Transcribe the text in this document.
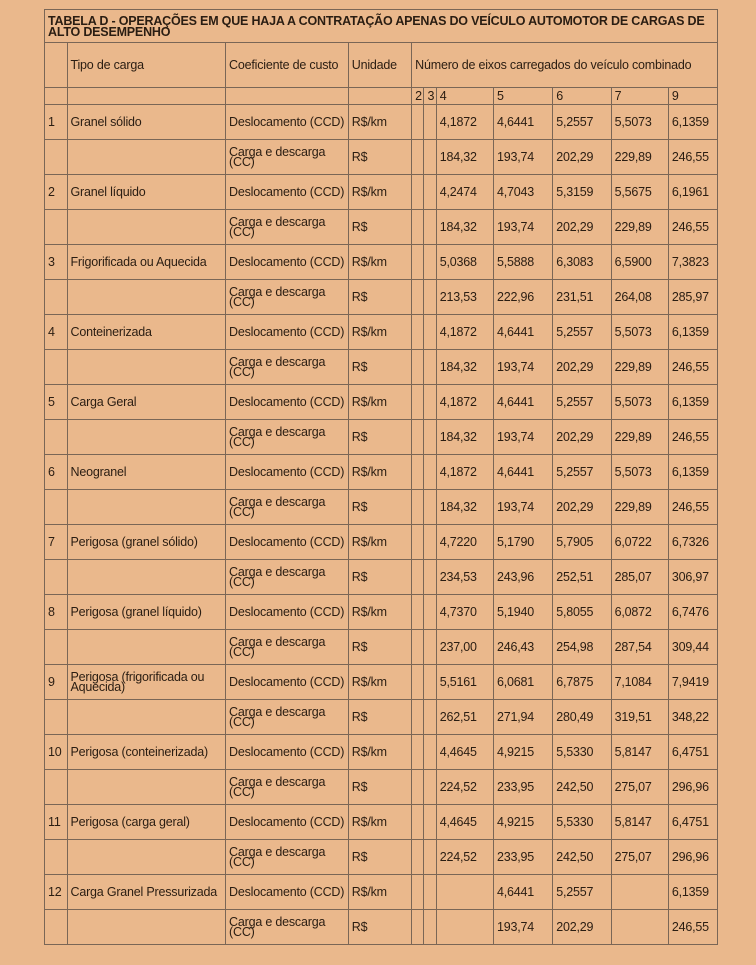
TABELA D - OPERAÇÕES EM QUE HAJA A CONTRATAÇÃO APENAS DO VEÍCULO AUTOMOTOR DE CARGAS DE ALTO DESEMPENHO										
	Tipo de carga	Coeficiente de custo	Unidade	Número de eixos carregados do veículo combinado						
				2	3	4	5	6	7	9
1	Granel sólido	Deslocamento (CCD)	R$/km			4,1872	4,6441	5,2557	5,5073	6,1359
		Carga e descarga (CC)	R$			184,32	193,74	202,29	229,89	246,55
2	Granel líquido	Deslocamento (CCD)	R$/km			4,2474	4,7043	5,3159	5,5675	6,1961
		Carga e descarga (CC)	R$			184,32	193,74	202,29	229,89	246,55
3	Frigorificada ou Aquecida	Deslocamento (CCD)	R$/km			5,0368	5,5888	6,3083	6,5900	7,3823
		Carga e descarga (CC)	R$			213,53	222,96	231,51	264,08	285,97
4	Conteinerizada	Deslocamento (CCD)	R$/km			4,1872	4,6441	5,2557	5,5073	6,1359
		Carga e descarga (CC)	R$			184,32	193,74	202,29	229,89	246,55
5	Carga Geral	Deslocamento (CCD)	R$/km			4,1872	4,6441	5,2557	5,5073	6,1359
		Carga e descarga (CC)	R$			184,32	193,74	202,29	229,89	246,55
6	Neogranel	Deslocamento (CCD)	R$/km			4,1872	4,6441	5,2557	5,5073	6,1359
		Carga e descarga (CC)	R$			184,32	193,74	202,29	229,89	246,55
7	Perigosa (granel sólido)	Deslocamento (CCD)	R$/km			4,7220	5,1790	5,7905	6,0722	6,7326
		Carga e descarga (CC)	R$			234,53	243,96	252,51	285,07	306,97
8	Perigosa (granel líquido)	Deslocamento (CCD)	R$/km			4,7370	5,1940	5,8055	6,0872	6,7476
		Carga e descarga (CC)	R$			237,00	246,43	254,98	287,54	309,44
9	Perigosa (frigorificada ou Aquecida)	Deslocamento (CCD)	R$/km			5,5161	6,0681	6,7875	7,1084	7,9419
		Carga e descarga (CC)	R$			262,51	271,94	280,49	319,51	348,22
10	Perigosa (conteinerizada)	Deslocamento (CCD)	R$/km			4,4645	4,9215	5,5330	5,8147	6,4751
		Carga e descarga (CC)	R$			224,52	233,95	242,50	275,07	296,96
11	Perigosa (carga geral)	Deslocamento (CCD)	R$/km			4,4645	4,9215	5,5330	5,8147	6,4751
		Carga e descarga (CC)	R$			224,52	233,95	242,50	275,07	296,96
12	Carga Granel Pressurizada	Deslocamento (CCD)	R$/km				4,6441	5,2557		6,1359
		Carga e descarga (CC)	R$				193,74	202,29		246,55
